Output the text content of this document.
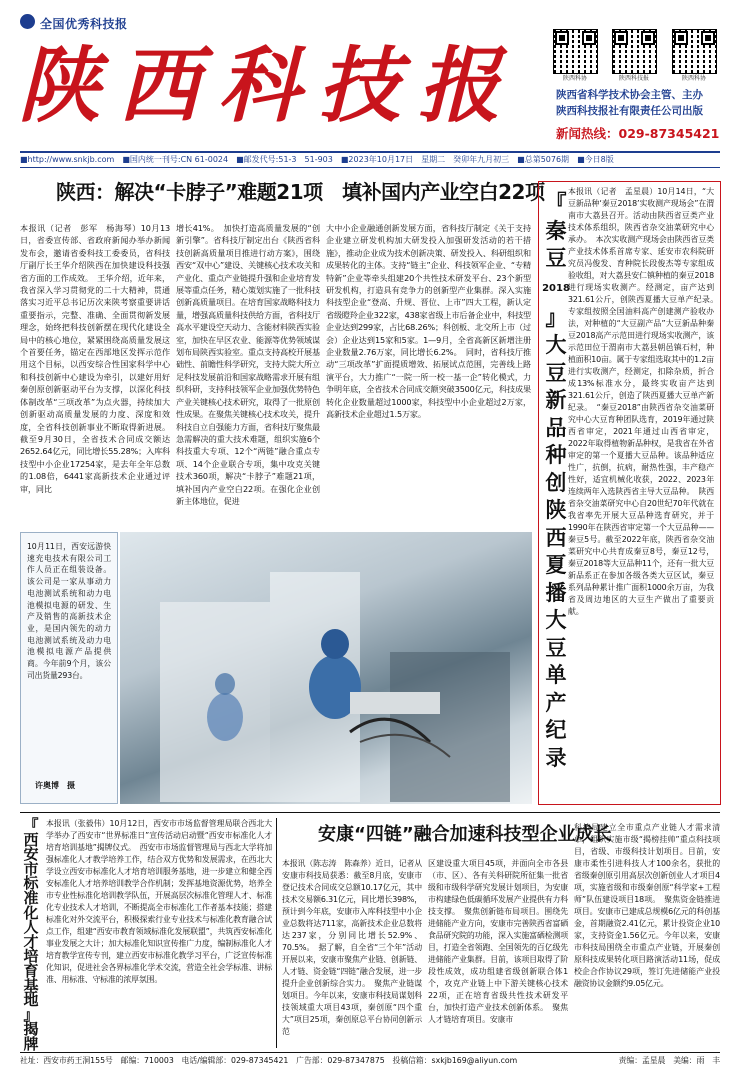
全国优秀科技报
陕西科技报	陕西科协	陕西科技报	陕西科协
陕西省科学技术协会主管、主办
陕西科技报社有限责任公司出版
新闻热线：029-87345421
■http://www.snkjb.com ■国内统一刊号:CN 61-0024 ■邮发代号:51-3　51-903 ■2023年10月17日　星期二　癸卯年九月初三 ■总第5076期 ■今日8版
陕西：解决“卡脖子”难题21项　填补国内产业空白22项
本报讯（记者　彭军　杨海琴）10月13日，省委宣传部、省政府新闻办举办新闻发布会，邀请省委科技工委委员，省科技厅副厅长王华介绍陕西在加快建设科技强省方面的工作成效。　王华介绍，近年来，我省深入学习贯彻党的二十大精神，贯通落实习近平总书记历次来陕考察重要讲话重要指示，完整、准确、全面贯彻新发展理念，始终把科技创新摆在现代化建设全局中的核心地位，紧紧围绕高质量发展这个首要任务，锚定在西部地区发挥示范作用这个目标，以西安综合性国家科学中心和科技创新中心建设为牵引，以建好用好秦创原创新驱动平台为支撑，以深化科技体制改革“三项改革”为点火器，持续加大创新驱动高质量发展的力度、深度和效度，全省科技创新事业不断取得新进展。截至9月30日，全省技术合同成交额达2652.64亿元，同比增长55.28%；入库科技型中小企业17254家，是去年全年总数的1.08倍，6441家高新技术企业通过评审，同比
增长41%。　加快打造高质量发展的“创新引擎”。省科技厅制定出台《陕西省科技创新高质量项目推进行动方案》，围绕西安“双中心”建设、关键核心技术攻关和产业化、重点产业链提升强和企业培育发展等重点任务，精心策划实施了一批科技创新高质量项目。在培育国家战略科技力量，增强高质量科技供给方面，省科技厅高水平建设空天动力、含能材料陕西实验室，加快在早区农业、能源等优势领域谋划布局陕西实验室。重点支持高校开展基础性、前瞻性科学研究，支持大院大所立足科技发展前沿和国家战略需求开展有组织科研，支持科技领军企业加强优势特色产业关键核心技术研究，取得了一批原创性成果。在聚焦关键核心技术攻关，提升科技自立自强能力方面，省科技厅聚焦最急需解决的重大技术难题，组织实施6个科技重大专项、12个“两链”融合重点专项、14个企业联合专项，集中攻克关键技术360项，解决“卡脖子”难题21项，填补国内产业空白22项。在强化企业创新主体地位，促进
大中小企业融通创新发展方面，省科技厅制定《关于支持企业建立研发机构加大研发投入加强研发活动的若干措施》，推动企业成为技术创新决策、研发投入、科研组织和成果转化的主体。支持“链主”企业、科技领军企业、“专精特新”企业等牵头组建20个共性技术研发平台、23个新型研发机构，打造具有竞争力的创新型产业集群。深入实施科技型企业“登高、升规、晋位、上市”四大工程，新认定省级瞪羚企业322家，438家省级上市后备企业中，科技型企业达到299家，占比68.26%；科创板、北交所上市（过会）企业达到15家和5家。1—9月，全省高新区新增注册企业数量2.76万家，同比增长6.2%。　同时，省科技厅推动“三项改革”扩面提质增效、拓展试点范围，完善线上路演平台，大力推广“一院一所一校一基一企”转化模式，力争明年底，全省技术合同成交额突破3500亿元，科技成果转化企业数量超过1000家，科技型中小企业超过2万家，高新技术企业超过1.5万家。
10月11日，西安远游快速充电技术有限公司工作人员正在组装设备。该公司是一家从事动力电池测试系统和动力电池模拟电源的研发、生产及销售的高新技术企业，是国内领先的动力电池测试系统及动力电池模拟电源产品提供商。今年前9个月，该公司出货量293台。
许奥博　摄
『
秦
豆
2018
』
大
豆
新
品
种
创
陕
西
夏
播
大
豆
单
产
纪
录
本报讯（记者　孟星晨）10月14日，“大豆新品种‘秦豆2018’实收测产现场会”在渭南市大荔县召开。活动由陕西省豆类产业技术体系组织，陕西省杂交油菜研究中心承办。　本次实收测产现场会由陕西省豆类产业技术体系首席专家、延安市农科院研究员冯俊发、育种院长段俊杰等专家组成验收组，对大荔县安仁镇种植的秦豆2018进行现场实收测产。经测定，亩产达到321.61公斤，创陕西夏播大豆单产纪录。　专家组按照全国油料高产创建测产验收办法，对种植的“大豆副产品”大豆新品种秦豆2018高产示范田进行现场实收测产，该示范田位于渭南市大荔县朝邑镇石村，种植面积10亩。属于专家组选取其中的1.2亩进行实收测产，经测定，扣除杂质，折合成13%标准水分，最终实收亩产达到321.61公斤，创造了陕西夏播大豆单产新纪录。　“秦豆2018”由陕西省杂交油菜研究中心大豆育种团队选育，2019年通过陕西省审定，2021年通过山西省审定，2022年取得植物新品种权，是我省在外省审定的第一个夏播大豆品种。该品种适应性广，抗倒，抗病，耐热性强，丰产稳产性好，适宜机械化收获，2022、2023年连续两年入选陕西省主导大豆品种。　陕西省杂交油菜研究中心自20世纪70年代就在我省率先开展大豆品种选育研究，并于1990年在陕西省审定第一个大豆品种——秦豆5号。截至2022年底，陕西省杂交油菜研究中心共育成秦豆8号，秦豆12号，秦豆2018等大豆品种11个，还有一批大豆新品系正在参加各级各类大豆区试，秦豆系列品种累计推广面积1000余万亩，为我省及周边地区的大豆生产做出了重要贡献。
『
西
安
市
标
准
化
人
才
培
育
基
地
』
揭
牌
本报讯（张毅伟）10月12日，西安市市场监督管理局联合西北大学举办了西安市“世界标准日”宣传活动启动暨“西安市标准化人才培育培训基地”揭牌仪式。　西安市市场监督管理局与西北大学将加强标准化人才教学培养工作，结合双方优势和发展需求，在西北大学设立西安市标准化人才培育培训服务基地，进一步建立和健全西安标准化人才培养培训教学合作机制；发挥基地资源优势，培养全市专业性标准化培训教学队伍，开展高层次标准化管理人才、标准化专业技术人才培训，不断提高全市标准化工作者基本技能；搭建标准化对外交流平台，积极探索行业专业技术与标准化教育融合试点工作，组建“西安市教育领域标准化发展联盟”，共筑西安标准化事业发展之大计；加大标准化知识宣传推广力度，编制标准化人才培育教学宣传专刊，建立西安市标准化教学习平台，广泛宣传标准化知识，促进社会各界标准化学术交流，营造全社会学标准、讲标准、用标准、守标准的浓厚氛围。
安康“四链”融合加速科技型企业成长
本报讯（陈志涛　陈森养）近日，记者从安康市科技局获悉：截至8月底，安康市登记技术合同成交总额10.17亿元，其中技术交易额6.31亿元，同比增长398%，预计到今年底，安康市入库科技型中小企业总数将达711家，高新技术企业总数将达237家，分别同比增长52.9%、70.5%。　据了解，自全省“三个年”活动开展以来，安康市聚焦产业链、创新链、人才链、资金链“四链”融合发展，进一步提升企业创新综合实力。　聚焦产业链谋划项目。今年以来，安康市科技局谋划科技领域重大项目43项，秦创原“四个重大”项目25项，秦创原总平台协同创新示范
区建设重大项目45项，并面向全市各县（市、区）、各有关科研院所征集一批省级和市级科学研究发展计划项目，为安康市构建绿色低碳循环发展产业提供有力科技支撑。　聚焦创新链布局项目。围绕先进储能产业方向，安康市完善陕西省富硒食品研究院的功能，深入实施富硒检测项目，打造全省领跑、全国领先的百亿级先进储能产业集群。目前，该项目取得了阶段性成效，成功组建省级创新联合体1个，攻克产业链上中下游关键核心技术22项，正在培育省级共性技术研发平台，加快打造产业技术创新体系。　聚焦人才链培育项目。安康市
科技局建立全市重点产业链人才需求清单，组织实施市级“揭榜挂帅”重点科技项目，省级、市级科技计划项目。目前，安康市柔性引进科技人才100余名，获批的省级秦创原引用高层次创新创业人才项目4项，实施省级和市级秦创原“科学家+工程师”队伍建设项目18项。　聚焦资金链推进项目。安康市已建成总规模6亿元的科创基金，首期融资2.41亿元，累计投资企业10家，支持资金1.56亿元。今年以来，安康市科技局围绕全市重点产业链，开展秦创原科技成果转化项目路演活动11场，促成校企合作协议29项，签订先进储能产业投融资协议金额约9.05亿元。
社址：西安市药王洞155号　邮编：710003　电话/编辑部：029-87345421　广告部：029-87347875　投稿信箱：sxkjb169@aliyun.com	责编：孟星晨　美编：雨　丰
